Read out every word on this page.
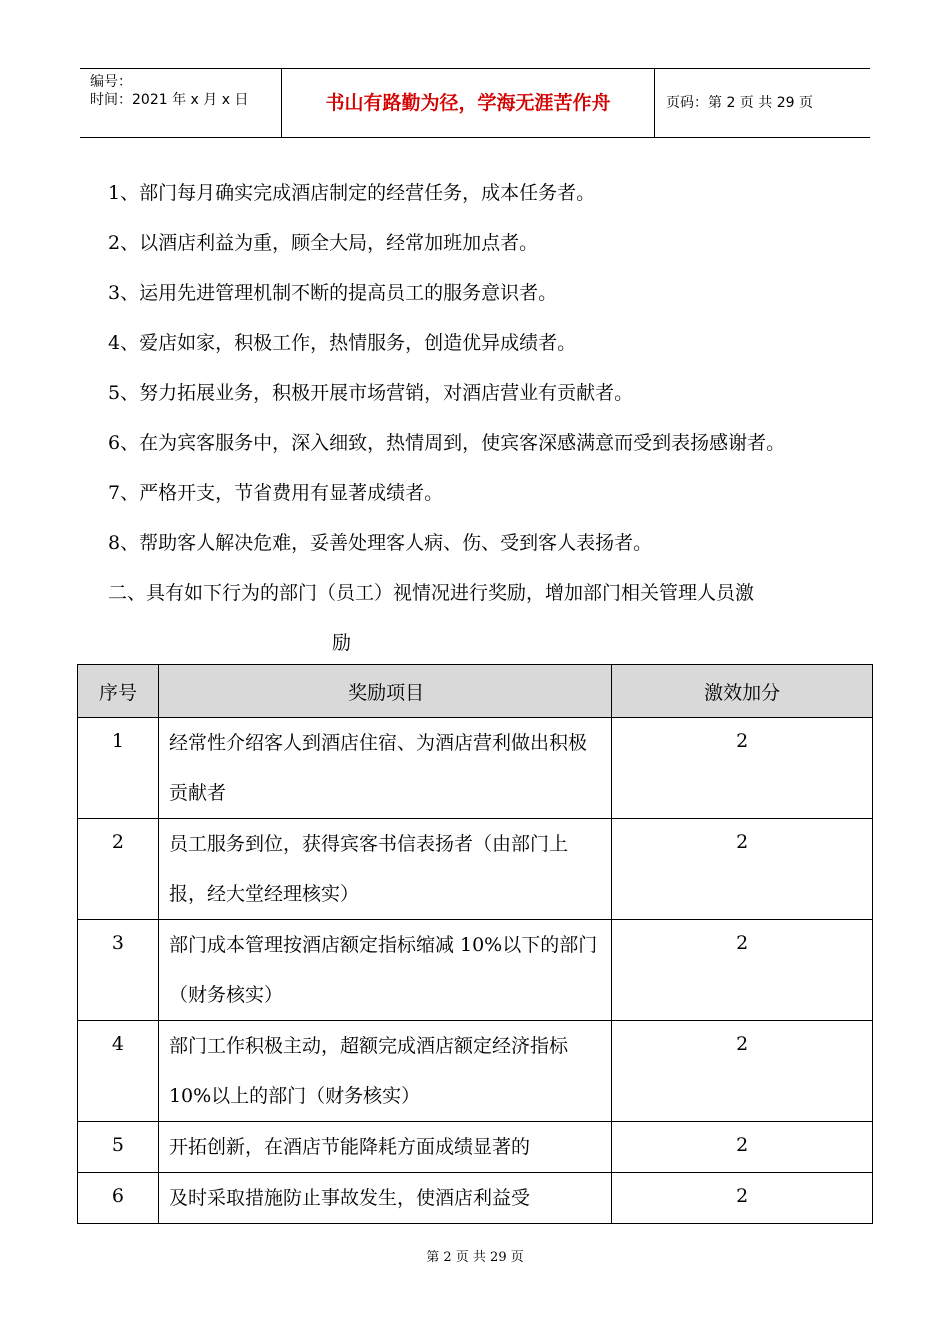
编号：
时间：2021 年 x 月 x 日	书山有路勤为径，学海无涯苦作舟	页码：第 2 页 共 29 页
1、部门每月确实完成酒店制定的经营任务，成本任务者。
2、以酒店利益为重，顾全大局，经常加班加点者。
3、运用先进管理机制不断的提高员工的服务意识者。
4、爱店如家，积极工作，热情服务，创造优异成绩者。
5、努力拓展业务，积极开展市场营销，对酒店营业有贡献者。
6、在为宾客服务中，深入细致，热情周到，使宾客深感满意而受到表扬感谢者。
7、严格开支，节省费用有显著成绩者。
8、帮助客人解决危难，妥善处理客人病、伤、受到客人表扬者。
二、具有如下行为的部门（员工）视情况进行奖励，增加部门相关管理人员激
励
序号	奖励项目	激效加分
1	经常性介绍客人到酒店住宿、为酒店营利做出积极贡献者	2
2	员工服务到位，获得宾客书信表扬者（由部门上报，经大堂经理核实）	2
3	部门成本管理按酒店额定指标缩减 10%以下的部门（财务核实）	2
4	部门工作积极主动，超额完成酒店额定经济指标 10%以上的部门（财务核实）	2
5	开拓创新，在酒店节能降耗方面成绩显著的	2
6	及时采取措施防止事故发生，使酒店利益受	2
第 2 页 共 29 页
